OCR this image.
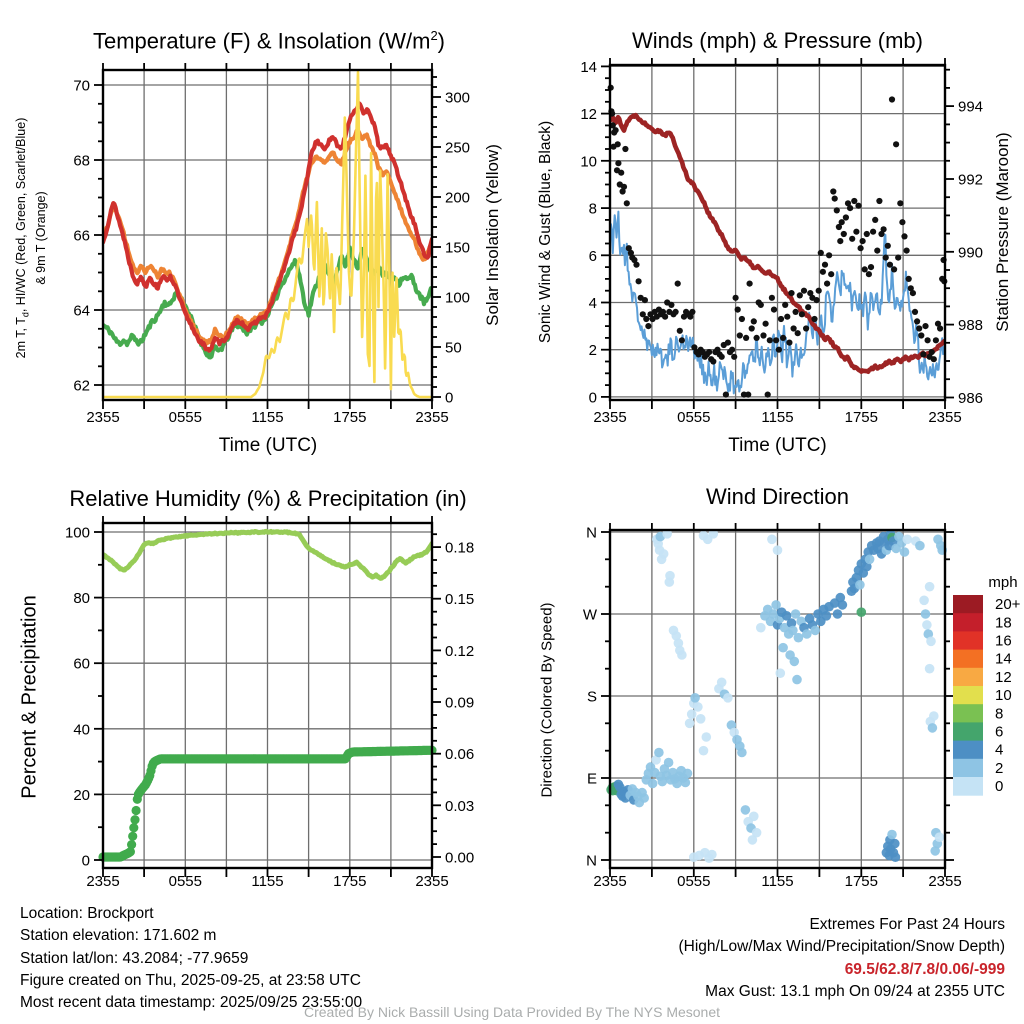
2355	0555	1155	1755	2355
62
64
66
68
70
0
50
100
150
200
250
300
2355	0555	1155	1755	2355
0
2
4
6
8
10
12
14
986
988
990
992
994
2355	0555	1155	1755	2355
0
20
40
60
80
100
0.00
0.03
0.06
0.09
0.12
0.15
0.18
2355	0555	1155	1755	2355
N
E
S
W
N
20+
18
16
14
12
10
8
6
4
2
0
mph
Temperature (F) & Insolation $(W/m^2)$	Winds (mph) & Pressure (mb)
Relative Humidity (%) & Precipitation (in)	Wind Direction
2m T, $T_d$, HI/WC (Red, Green, Scarlet/Blue) & 9m T (Orange)	Solar Insolation (Yellow) Sonic Wind & Gust (Blue, Black)	Station Pressure (Maroon)
Percent & Precipitation	Direction (Colored By Speed)
Time (UTC)	Time (UTC)
Location: Brockport
Station elevation: 171.602 m
Station lat/lon: 43.2084; -77.9659
Figure created on Thu, 2025-09-25, at 23:58 UTC
Most recent data timestamp: 2025/09/25 23:55:00
Extremes For Past 24 Hours
(High/Low/Max Wind/Precipitation/Snow Depth)
69.5/62.8/7.8/0.06/-999
Max Gust: 13.1 mph On 09/24 at 2355 UTC
Created By Nick Bassill Using Data Provided By The NYS Mesonet
